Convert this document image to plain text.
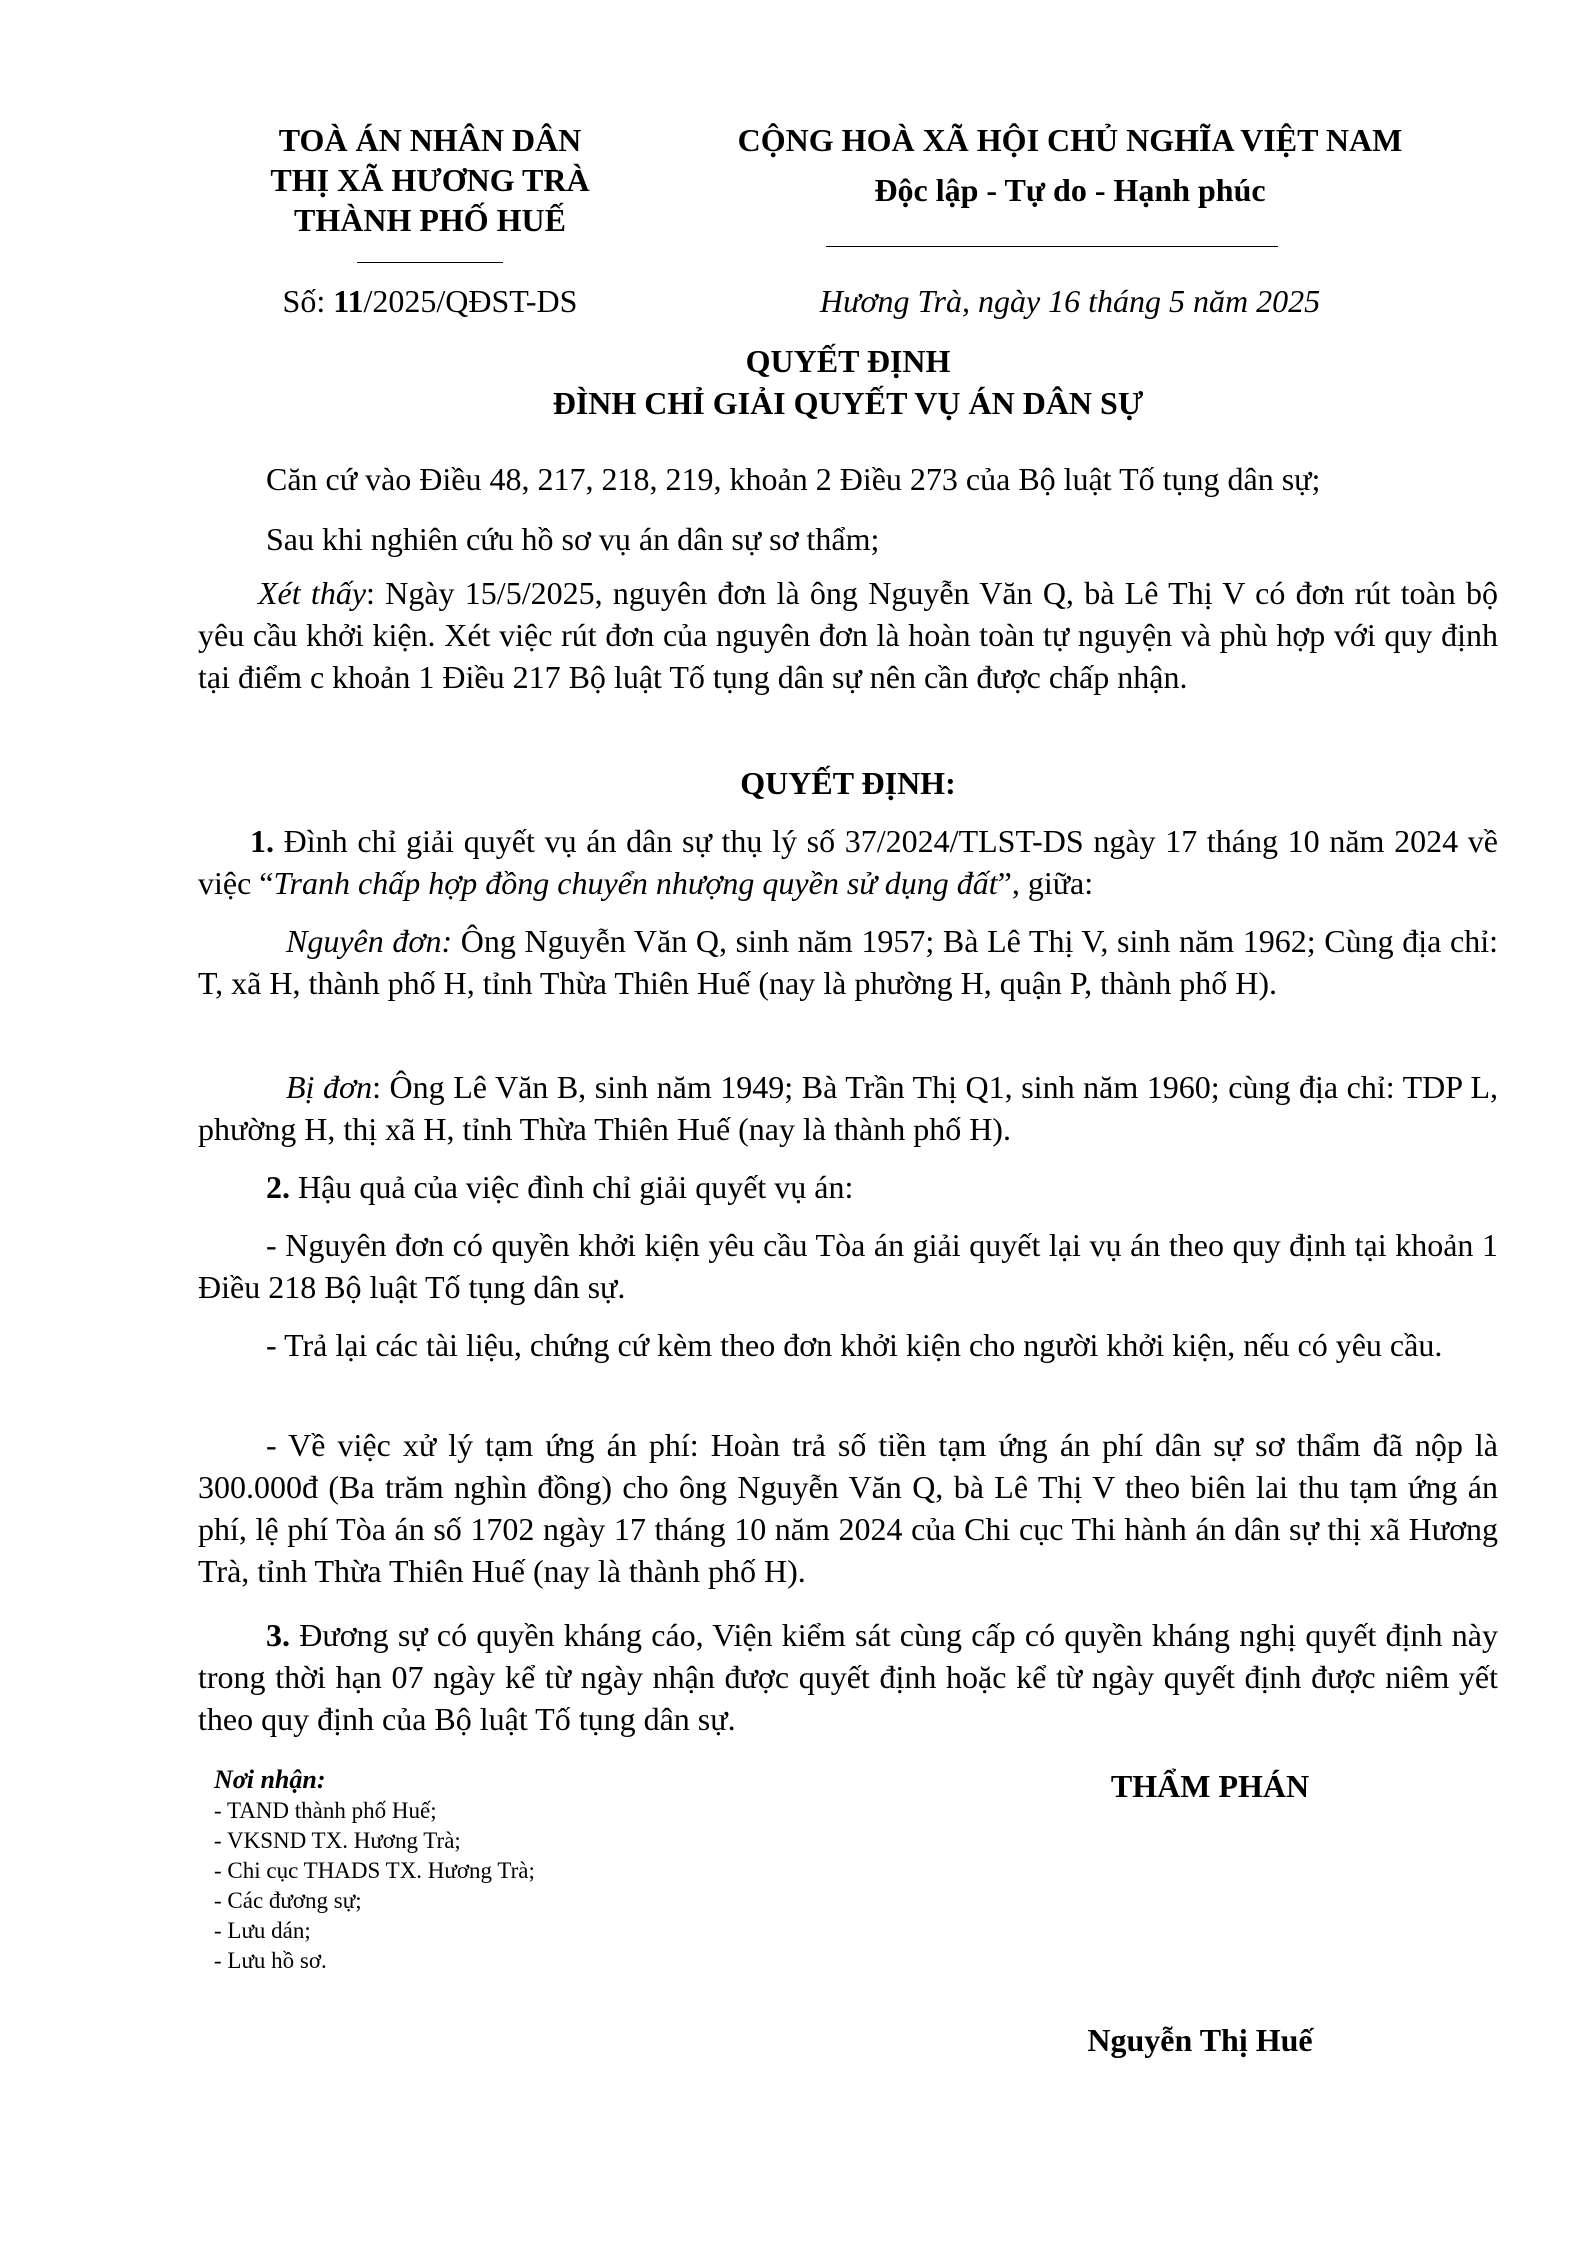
TOÀ ÁN NHÂN DÂN
THỊ XÃ HƯƠNG TRÀ
THÀNH PHỐ HUẾ
Số: 11/2025/QĐST-DS
CỘNG HOÀ XÃ HỘI CHỦ NGHĨA VIỆT NAM
Độc lập - Tự do - Hạnh phúc
Hương Trà, ngày 16 tháng 5 năm 2025
QUYẾT ĐỊNH
ĐÌNH CHỈ GIẢI QUYẾT VỤ ÁN DÂN SỰ
Căn cứ vào Điều 48, 217, 218, 219, khoản 2 Điều 273 của Bộ luật Tố tụng dân sự;
Sau khi nghiên cứu hồ sơ vụ án dân sự sơ thẩm;
Xét thấy: Ngày 15/5/2025, nguyên đơn là ông Nguyễn Văn Q, bà Lê Thị V có đơn rút toàn bộ yêu cầu khởi kiện. Xét việc rút đơn của nguyên đơn là hoàn toàn tự nguyện và phù hợp với quy định tại điểm c khoản 1 Điều 217 Bộ luật Tố tụng dân sự nên cần được chấp nhận.
QUYẾT ĐỊNH:
1. Đình chỉ giải quyết vụ án dân sự thụ lý số 37/2024/TLST-DS ngày 17 tháng 10 năm 2024 về việc “Tranh chấp hợp đồng chuyển nhượng quyền sử dụng đất”, giữa:
Nguyên đơn: Ông Nguyễn Văn Q, sinh năm 1957; Bà Lê Thị V, sinh năm 1962; Cùng địa chỉ: T, xã H, thành phố H, tỉnh Thừa Thiên Huế (nay là phường H, quận P, thành phố H).
Bị đơn: Ông Lê Văn B, sinh năm 1949; Bà Trần Thị Q1, sinh năm 1960; cùng địa chỉ: TDP L, phường H, thị xã H, tỉnh Thừa Thiên Huế (nay là thành phố H).
2. Hậu quả của việc đình chỉ giải quyết vụ án:
- Nguyên đơn có quyền khởi kiện yêu cầu Tòa án giải quyết lại vụ án theo quy định tại khoản 1 Điều 218 Bộ luật Tố tụng dân sự.
- Trả lại các tài liệu, chứng cứ kèm theo đơn khởi kiện cho người khởi kiện, nếu có yêu cầu.
- Về việc xử lý tạm ứng án phí: Hoàn trả số tiền tạm ứng án phí dân sự sơ thẩm đã nộp là 300.000đ (Ba trăm nghìn đồng) cho ông Nguyễn Văn Q, bà Lê Thị V theo biên lai thu tạm ứng án phí, lệ phí Tòa án số 1702 ngày 17 tháng 10 năm 2024 của Chi cục Thi hành án dân sự thị xã Hương Trà, tỉnh Thừa Thiên Huế (nay là thành phố H).
3. Đương sự có quyền kháng cáo, Viện kiểm sát cùng cấp có quyền kháng nghị quyết định này trong thời hạn 07 ngày kể từ ngày nhận được quyết định hoặc kể từ ngày quyết định được niêm yết theo quy định của Bộ luật Tố tụng dân sự.
Nơi nhận:
- TAND thành phố Huế;
- VKSND TX. Hương Trà;
- Chi cục THADS TX. Hương Trà;
- Các đương sự;
- Lưu dán;
- Lưu hồ sơ.
THẨM PHÁN
Nguyễn Thị Huế
